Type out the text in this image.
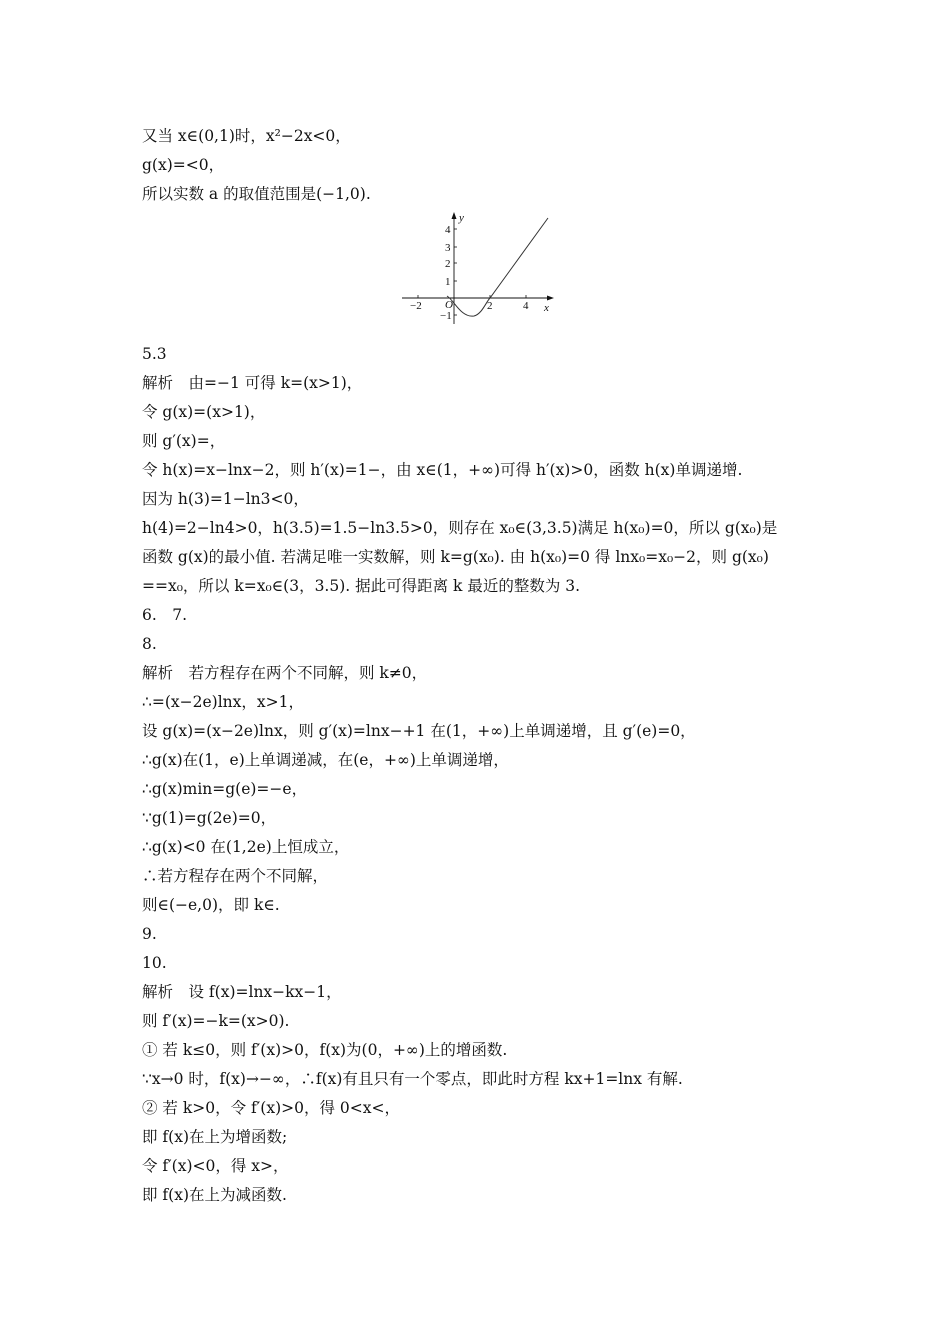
又当 x∈(0,1)时，x²−2x<0，
g(x)=<0，
所以实数 a 的取值范围是(−1,0).
y
x
O
−2	2	4
4
3
2
1
−1
5.3
解析　由=−1 可得 k=(x>1)，
令 g(x)=(x>1)，
则 g′(x)=，
令 h(x)=x−lnx−2，则 h′(x)=1−，由 x∈(1，+∞)可得 h′(x)>0，函数 h(x)单调递增.
因为 h(3)=1−ln3<0，
h(4)=2−ln4>0，h(3.5)=1.5−ln3.5>0，则存在 x₀∈(3,3.5)满足 h(x₀)=0，所以 g(x₀)是
函数 g(x)的最小值. 若满足唯一实数解，则 k=g(x₀). 由 h(x₀)=0 得 lnx₀=x₀−2，则 g(x₀)
==x₀，所以 k=x₀∈(3，3.5). 据此可得距离 k 最近的整数为 3.
6.　7.
8.
解析　若方程存在两个不同解，则 k≠0，
∴=(x−2e)lnx，x>1，
设 g(x)=(x−2e)lnx，则 g′(x)=lnx−+1 在(1，+∞)上单调递增，且 g′(e)=0，
∴g(x)在(1，e)上单调递减，在(e，+∞)上单调递增，
∴g(x)min=g(e)=−e，
∵g(1)=g(2e)=0，
∴g(x)<0 在(1,2e)上恒成立，
∴若方程存在两个不同解，
则∈(−e,0)，即 k∈.
9.
10.
解析　设 f(x)=lnx−kx−1，
则 f′(x)=−k=(x>0).
① 若 k≤0，则 f′(x)>0，f(x)为(0，+∞)上的增函数.
∵x→0 时，f(x)→−∞，∴f(x)有且只有一个零点，即此时方程 kx+1=lnx 有解.
② 若 k>0，令 f′(x)>0，得 0<x<，
即 f(x)在上为增函数;
令 f′(x)<0，得 x>，
即 f(x)在上为减函数.
